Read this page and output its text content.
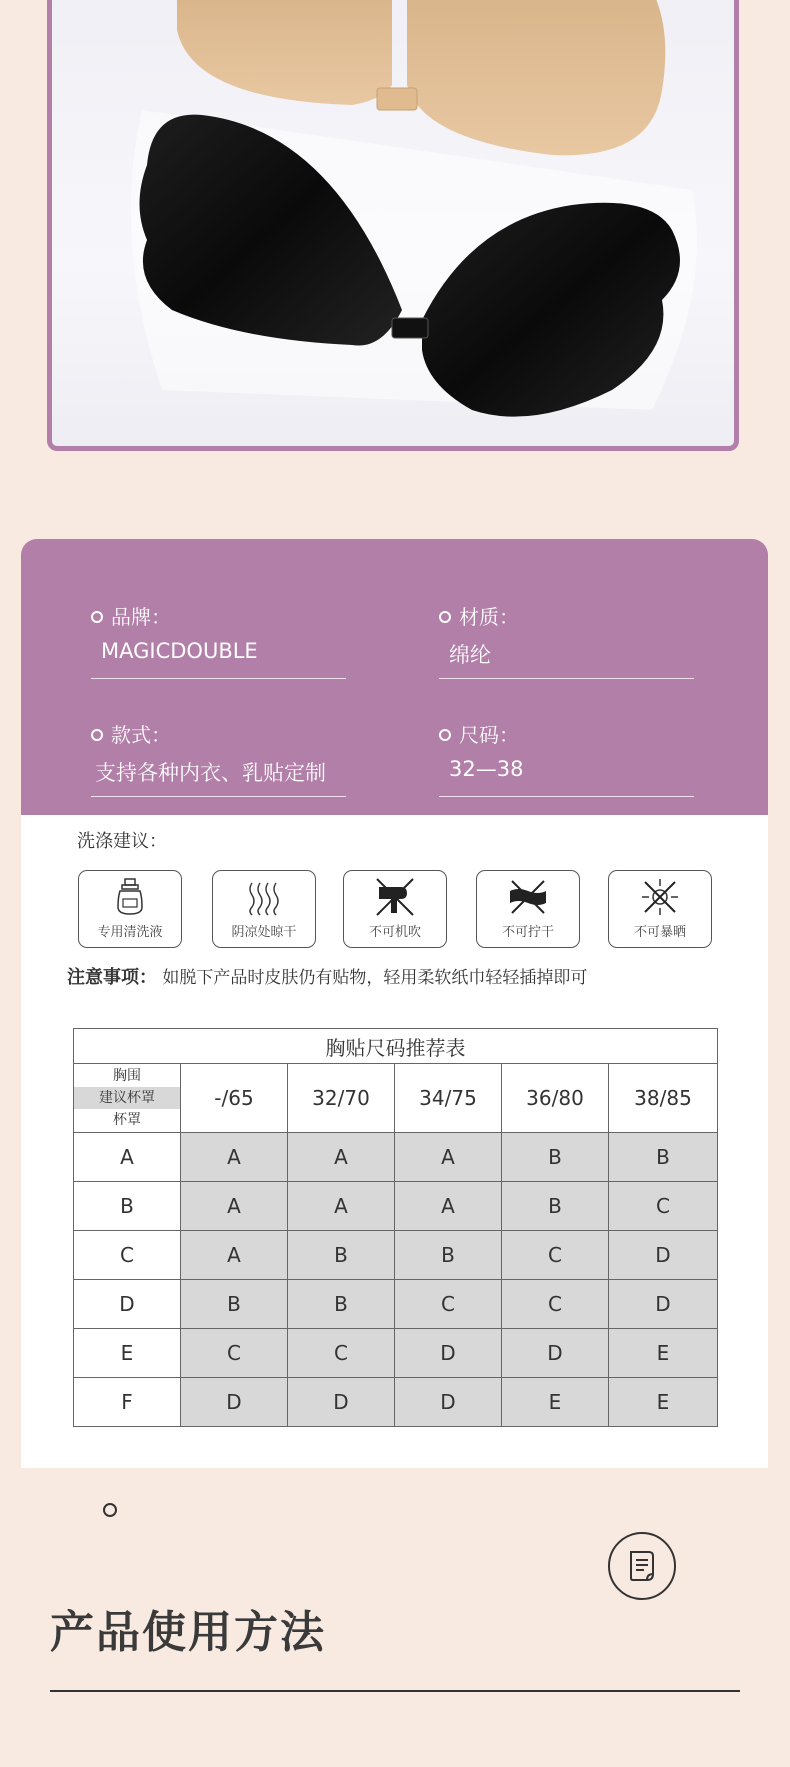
品牌：
MAGICDOUBLE
材质：
绵纶
款式：
支持各种内衣、乳贴定制
尺码：
32—38
洗涤建议：
专用清洗液	阴凉处晾干	不可机吹	不可拧干	不可暴晒
注意事项： 如脱下产品时皮肤仍有贴物，轻用柔软纸巾轻轻插掉即可
胸贴尺码推荐表					

胸围
建议杯罩
杯罩	-/65	32/70	34/75	36/80	38/85
A	A	A	A	B	B
B	A	A	A	B	C
C	A	B	B	C	D
D	B	B	C	C	D
E	C	C	D	D	E
F	D	D	D	E	E
产品使用方法
